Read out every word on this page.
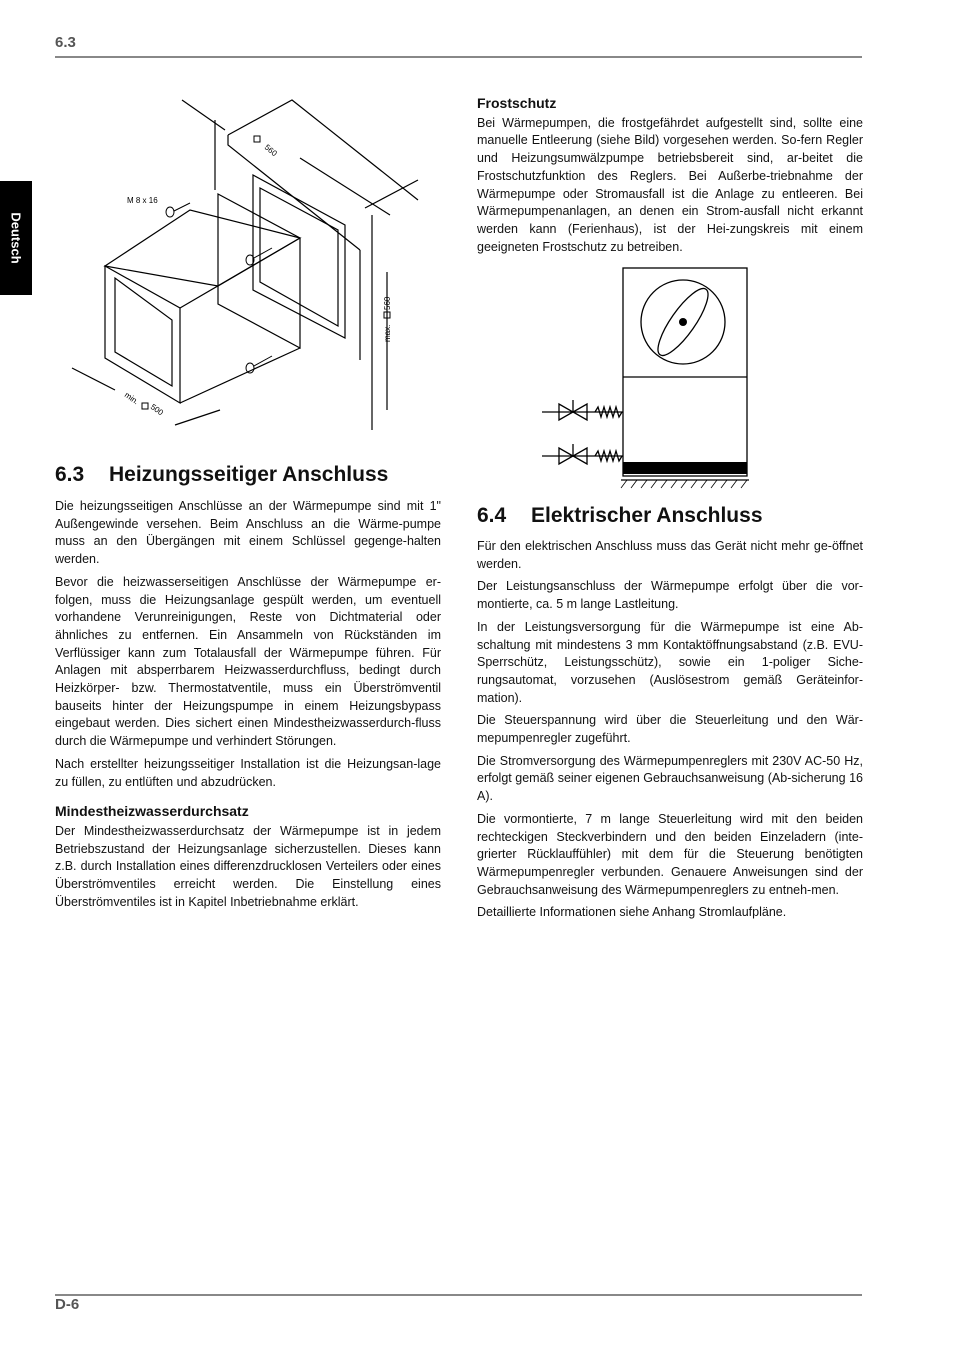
6.3
Deutsch
M 8 x 16
560
max.
560
min.
500
6.3 Heizungsseitiger Anschluss

Die heizungsseitigen Anschlüsse an der Wärmepumpe sind mit 1" Außengewinde versehen. Beim Anschluss an die Wärme-pumpe muss an den Übergängen mit einem Schlüssel gegenge-halten werden.

Bevor die heizwasserseitigen Anschlüsse der Wärmepumpe er-folgen, muss die Heizungsanlage gespült werden, um eventuell vorhandene Verunreinigungen, Reste von Dichtmaterial oder ähnliches zu entfernen. Ein Ansammeln von Rückständen im Verflüssiger kann zum Totalausfall der Wärmepumpe führen. Für Anlagen mit absperrbarem Heizwasserdurchfluss, bedingt durch Heizkörper- bzw. Thermostatventile, muss ein Überströmventil bauseits hinter der Heizungspumpe in einem Heizungsbypass eingebaut werden. Dies sichert einen Mindestheizwasserdurch-fluss durch die Wärmepumpe und verhindert Störungen.

Nach erstellter heizungsseitiger Installation ist die Heizungsan-lage zu füllen, zu entlüften und abzudrücken.

Mindestheizwasserdurchsatz

Der Mindestheizwasserdurchsatz der Wärmepumpe ist in jedem Betriebszustand der Heizungsanlage sicherzustellen. Dieses kann z.B. durch Installation eines differenzdrucklosen Verteilers oder eines Überströmventiles erreicht werden. Die Einstellung eines Überströmventiles ist in Kapitel Inbetriebnahme erklärt.

Frostschutz

Bei Wärmepumpen, die frostgefährdet aufgestellt sind, sollte eine manuelle Entleerung (siehe Bild) vorgesehen werden. So-fern Regler und Heizungsumwälzpumpe betriebsbereit sind, ar-beitet die Frostschutzfunktion des Reglers. Bei Außerbe-triebnahme der Wärmepumpe oder Stromausfall ist die Anlage zu entleeren. Bei Wärmepumpenanlagen, an denen ein Strom-ausfall nicht erkannt werden kann (Ferienhaus), ist der Hei-zungskreis mit einem geeigneten Frostschutz zu betreiben.

6.4 Elektrischer Anschluss

Für den elektrischen Anschluss muss das Gerät nicht mehr ge-öffnet werden.

Der Leistungsanschluss der Wärmepumpe erfolgt über die vor-montierte, ca. 5 m lange Lastleitung.

In der Leistungsversorgung für die Wärmepumpe ist eine Ab-schaltung mit mindestens 3 mm Kontaktöffnungsabstand (z.B. EVU-Sperrschütz, Leistungsschütz), sowie ein 1-poliger Siche-rungsautomat, vorzusehen (Auslösestrom gemäß Geräteinfor-mation).

Die Steuerspannung wird über die Steuerleitung und den Wär-mepumpenregler zugeführt.

Die Stromversorgung des Wärmepumpenreglers mit 230V AC-50 Hz, erfolgt gemäß seiner eigenen Gebrauchsanweisung (Ab-sicherung 16 A).

Die vormontierte, 7 m lange Steuerleitung wird mit den beiden rechteckigen Steckverbindern und den beiden Einzeladern (inte-grierter Rücklauffühler) mit dem für die Steuerung benötigten Wärmepumpenregler verbunden. Genauere Anweisungen sind der Gebrauchsanweisung des Wärmepumpenreglers zu entneh-men.

Detaillierte Informationen siehe Anhang Stromlaufpläne.

D-6
